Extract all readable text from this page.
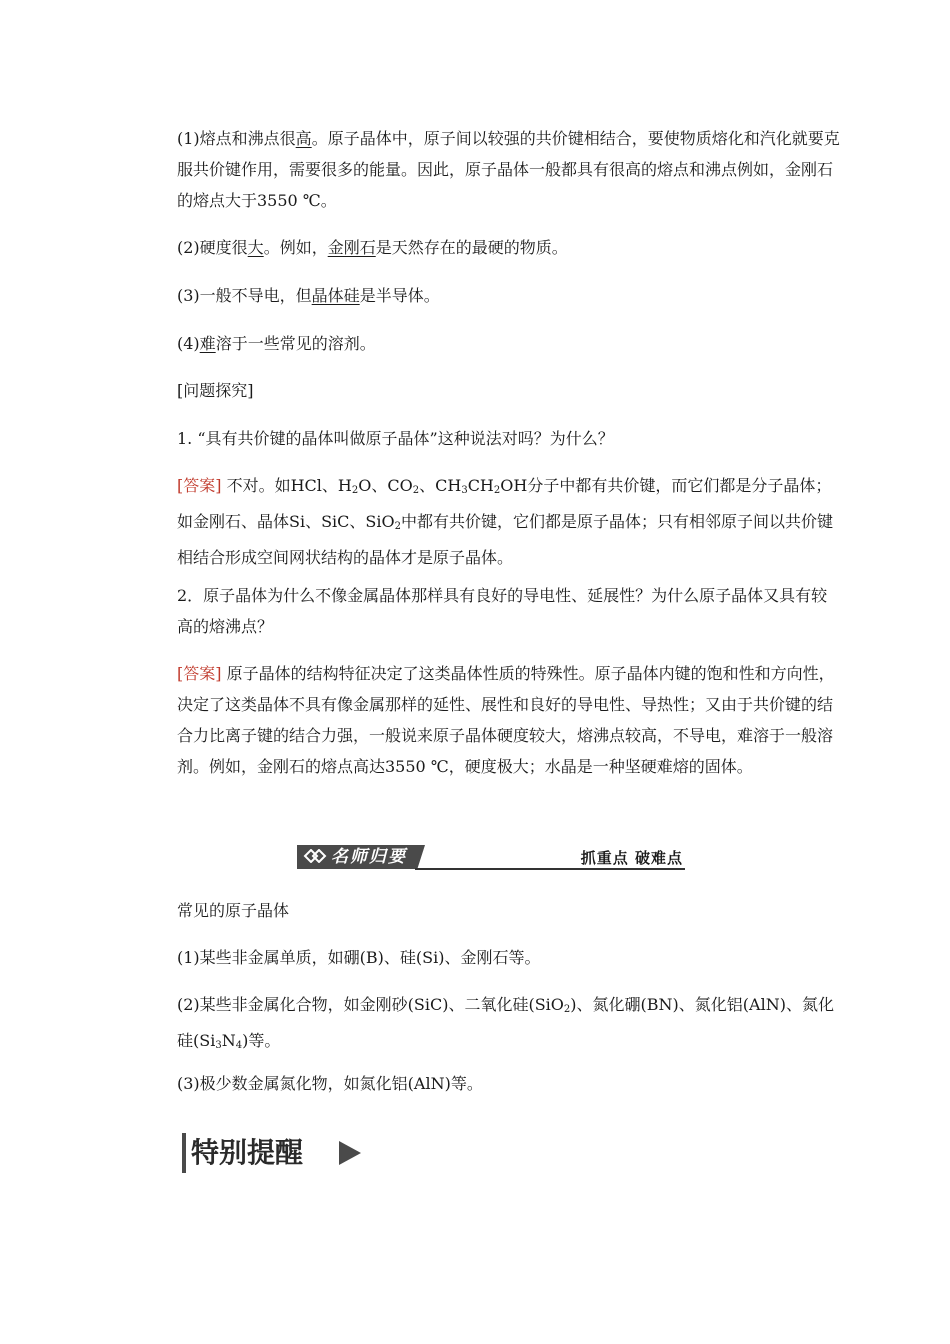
(1)熔点和沸点很高。原子晶体中，原子间以较强的共价键相结合，要使物质熔化和汽化就要克服共价键作用，需要很多的能量。因此，原子晶体一般都具有很高的熔点和沸点例如，金刚石的熔点大于3550 ℃。

(2)硬度很大。例如，金刚石是天然存在的最硬的物质。

(3)一般不导电，但晶体硅是半导体。

(4)难溶于一些常见的溶剂。

[问题探究]

1. “具有共价键的晶体叫做原子晶体”这种说法对吗？为什么？

[答案] 不对。如HCl、$H_2O$、$CO_2$、$CH_3CH_2OH$分子中都有共价键，而它们都是分子晶体；如金刚石、晶体Si、SiC、SiO$_2$中都有共价键，它们都是原子晶体；只有相邻原子间以共价键相结合形成空间网状结构的晶体才是原子晶体。

2．原子晶体为什么不像金属晶体那样具有良好的导电性、延展性？为什么原子晶体又具有较高的熔沸点？

[答案] 原子晶体的结构特征决定了这类晶体性质的特殊性。原子晶体内键的饱和性和方向性，决定了这类晶体不具有像金属那样的延性、展性和良好的导电性、导热性；又由于共价键的结合力比离子键的结合力强，一般说来原子晶体硬度较大，熔沸点较高，不导电，难溶于一般溶剂。例如，金刚石的熔点高达3550 ℃，硬度极大；水晶是一种坚硬难熔的固体。

名师归要	抓重点 破难点

常见的原子晶体

(1)某些非金属单质，如硼(B)、硅(Si)、金刚石等。

(2)某些非金属化合物，如金刚砂(SiC)、二氧化硅(SiO$_2$)、氮化硼(BN)、氮化铝(AlN)、氮化硅$(Si_3N_4)$等。

(3)极少数金属氮化物，如氮化铝(AlN)等。

特别提醒
